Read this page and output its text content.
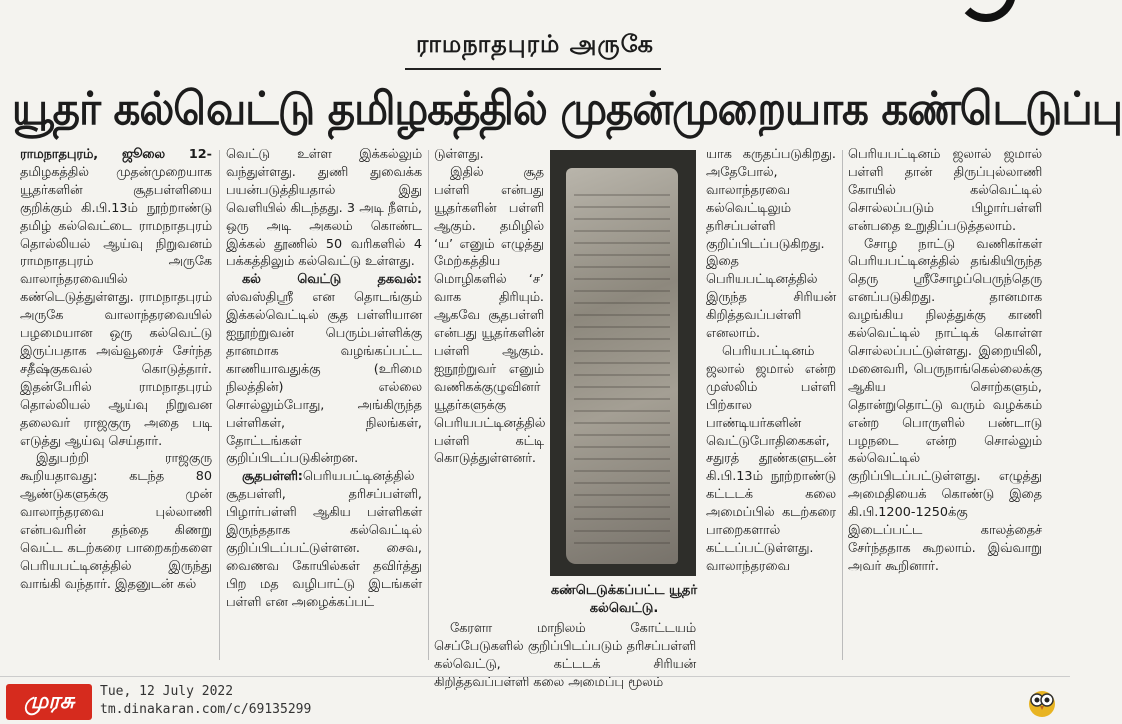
ராமநாதபுரம் அருகே
யூதர் கல்வெட்டு தமிழகத்தில் முதன்முறையாக கண்டெடுப்பு

ராமநாதபுரம், ஜூலை 12- தமிழகத்தில் முதன்முறையாக யூதர்களின் சூதபள்ளியை குறிக்கும் கி.பி.13ம் நூற்றாண்டு தமிழ் கல்வெட்டை ராமநாதபுரம் தொல்லியல் ஆய்வு நிறுவனம் ராமநாதபுரம் அருகே வாலாந்தரவையில் கண்டெடுத்துள்ளது. ராமநாதபுரம் அருகே வாலாந்தரவையில் பழமையான ஒரு கல்வெட்டு இருப்பதாக அவ்வூரைச் சேர்ந்த சதீஷ்குகவல் கொடுத்தார். இதன்பேரில் ராமநாதபுரம் தொல்லியல் ஆய்வு நிறுவன தலைவர் ராஜகுரு அதை படி எடுத்து ஆய்வு செய்தார்.

இதுபற்றி ராஜகுரு கூறியதாவது: கடந்த 80 ஆண்டுகளுக்கு முன் வாலாந்தரவை புல்லாணி என்பவரின் தந்தை கிணறு வெட்ட கடற்கரை பாறைகற்களை பெரியபட்டினத்தில் இருந்து வாங்கி வந்தார். இதனுடன் கல்

வெட்டு உள்ள இக்கல்லும் வந்துள்ளது. துணி துவைக்க பயன்படுத்தியதால் இது வெளியில் கிடந்தது. 3 அடி நீளம், ஒரு அடி அகலம் கொண்ட இக்கல் தூணில் 50 வரிகளில் 4 பக்கத்திலும் கல்வெட்டு உள்ளது.

கல் வெட்டு தகவல்: ஸ்வஸ்திஸ்ரீ என தொடங்கும் இக்கல்வெட்டில் சூத பள்ளியான ஐநூற்றுவன் பெரும்பள்ளிக்கு தானமாக வழங்கப்பட்ட காணியாவதுக்கு (உரிமை நிலத்தின்) எல்லை சொல்லும்போது, அங்கிருந்த பள்ளிகள், நிலங்கள், தோட்டங்கள் குறிப்பிடப்படுகின்றன.

சூதபள்ளி:பெரியபட்டினத்தில் சூதபள்ளி, தரிசப்பள்ளி, பிழார்பள்ளி ஆகிய பள்ளிகள் இருந்ததாக கல்வெட்டில் குறிப்பிடப்பட்டுள்ளன. சைவ, வைணவ கோயில்கள் தவிர்த்து பிற மத வழிபாட்டு இடங்கள் பள்ளி என அழைக்கப்பட்

டுள்ளது.

இதில் சூத பள்ளி என்பது யூதர்களின் பள்ளி ஆகும். தமிழில் ‘ய’ எனும் எழுத்து மேற்கத்திய மொழிகளில் ‘ச’ வாக திரியும். ஆகவே சூதபள்ளி என்பது யூதர்களின் பள்ளி ஆகும். ஐநூற்றுவர் எனும் வணிகக்குழுவினர் யூதர்களுக்கு பெரியபட்டினத்தில் பள்ளி கட்டி கொடுத்துள்ளனர்.

கேரளா மாநிலம் கோட்டயம் செப்பேடுகளில் குறிப்பிடப்படும் தரிசப்பள்ளி கல்வெட்டு, கட்டடக் சிரியன் கிறித்தவப்பள்ளி கலை அமைப்பு மூலம்

கண்டெடுக்கப்பட்ட யூதர் கல்வெட்டு.

யாக கருதப்படுகிறது. அதேபோல், வாலாந்தரவை கல்வெட்டிலும் தரிசப்பள்ளி குறிப்பிடப்படுகிறது. இதை பெரியபட்டினத்தில் இருந்த சிரியன் கிறித்தவப்பள்ளி எனலாம்.

பெரியபட்டினம் ஜலால் ஜமால் என்ற முஸ்லிம் பள்ளி பிற்கால பாண்டியர்களின் வெட்டுபோதிகைகள், சதுரத் தூண்களுடன் கி.பி.13ம் நூற்றாண்டு கட்டடக் கலை அமைப்பில் கடற்கரை பாறைகளால் கட்டப்பட்டுள்ளது. வாலாந்தரவை

பெரியபட்டினம் ஜலால் ஜமால் பள்ளி தான் திருப்புல்லாணி கோயில் கல்வெட்டில் சொல்லப்படும் பிழார்பள்ளி என்பதை உறுதிப்படுத்தலாம்.

சோழ நாட்டு வணிகர்கள் பெரியபட்டினத்தில் தங்கியிருந்த தெரு ஸ்ரீசோழப்பெருந்தெரு எனப்படுகிறது. தானமாக வழங்கிய நிலத்துக்கு காணி கல்வெட்டில் நாட்டிக் கொள்ள சொல்லப்பட்டுள்ளது. இறையிலி, மனைவரி, பெருநாங்கெல்லைக்கு ஆகிய சொற்களும், தொன்றுதொட்டு வரும் வழக்கம் என்ற பொருளில் பண்டாடு பழநடை என்ற சொல்லும் கல்வெட்டில் குறிப்பிடப்பட்டுள்ளது. எழுத்து அமைதியைக் கொண்டு இதை கி.பி.1200-1250க்கு இடைப்பட்ட காலத்தைச் சேர்ந்ததாக கூறலாம். இவ்வாறு அவர் கூறினார்.

முரசு	Tue, 12 July 2022
tm.dinakaran.com/c/69135299
